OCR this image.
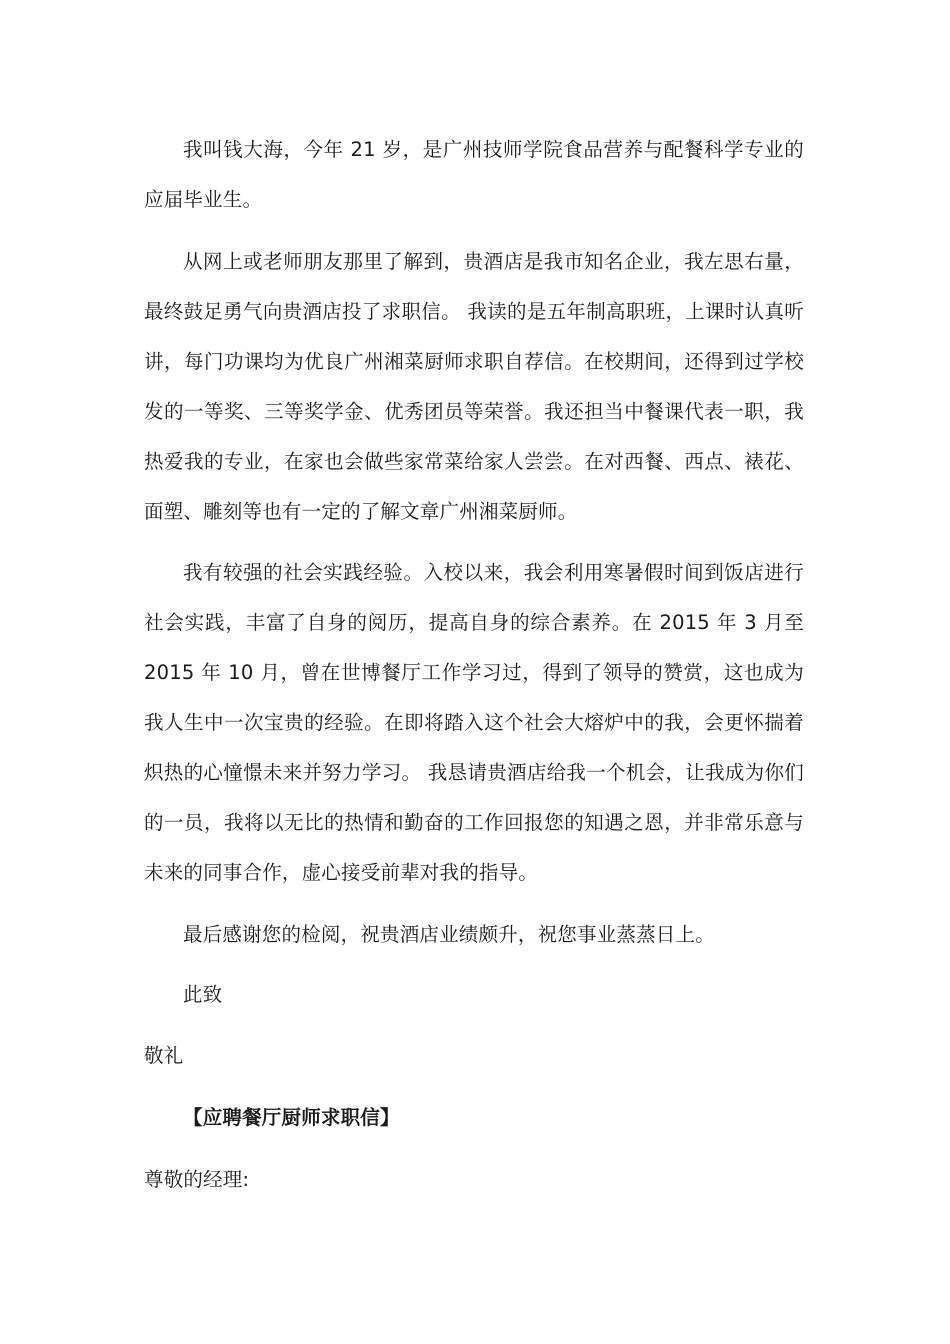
我叫钱大海，今年 21 岁，是广州技师学院食品营养与配餐科学专业的应届毕业生。

从网上或老师朋友那里了解到，贵酒店是我市知名企业，我左思右量，最终鼓足勇气向贵酒店投了求职信。 我读的是五年制高职班，上课时认真听讲，每门功课均为优良广州湘菜厨师求职自荐信。在校期间，还得到过学校发的一等奖、三等奖学金、优秀团员等荣誉。我还担当中餐课代表一职，我热爱我的专业，在家也会做些家常菜给家人尝尝。在对西餐、西点、裱花、面塑、雕刻等也有一定的了解文章广州湘菜厨师。

我有较强的社会实践经验。入校以来，我会利用寒暑假时间到饭店进行社会实践，丰富了自身的阅历，提高自身的综合素养。在 2015 年 3 月至 2015 年 10 月，曾在世博餐厅工作学习过，得到了领导的赞赏，这也成为我人生中一次宝贵的经验。在即将踏入这个社会大熔炉中的我，会更怀揣着炽热的心憧憬未来并努力学习。 我恳请贵酒店给我一个机会，让我成为你们的一员，我将以无比的热情和勤奋的工作回报您的知遇之恩，并非常乐意与未来的同事合作，虚心接受前辈对我的指导。

最后感谢您的检阅，祝贵酒店业绩颇升，祝您事业蒸蒸日上。

此致

敬礼

【应聘餐厅厨师求职信】

尊敬的经理:
